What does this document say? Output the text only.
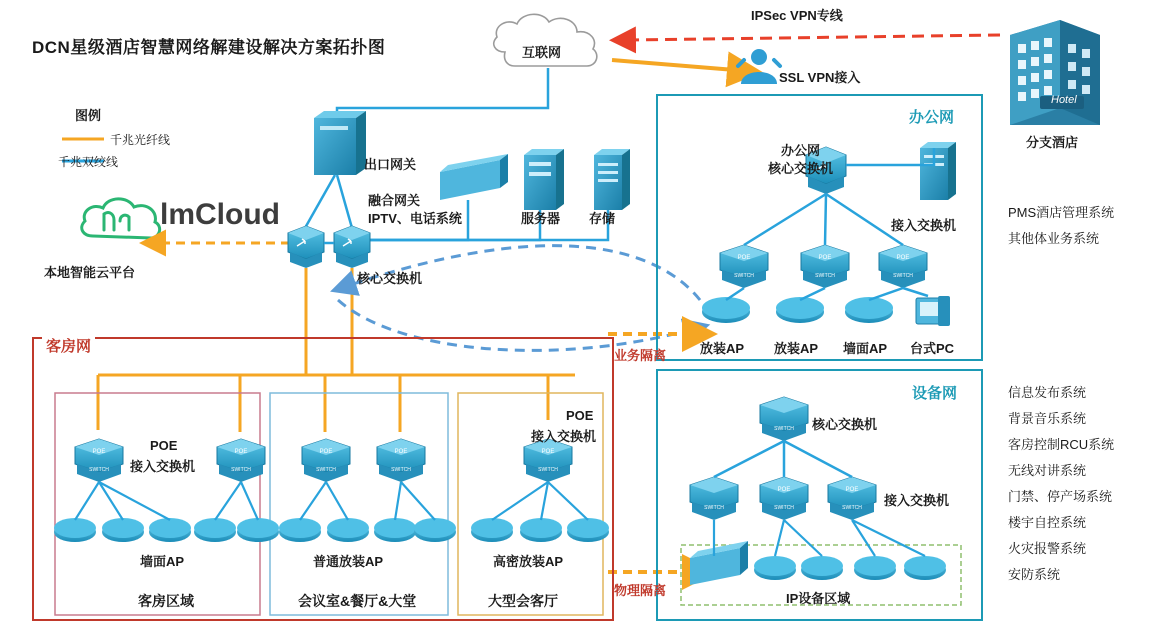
POE
SWITCH
POE
SWITCH
POE
SWITCH
POE
SWITCH
POE
SWITCH
POE
SWITCH
POE
SWITCH
POE
SWITCH
SWITCH
SWITCH
POE
SWITCH
POE
SWITCH
DCN星级酒店智慧网络解建设解决方案拓扑图
图例
千兆光纤线
千兆双绞线
互联网
IPSec VPN专线
SSL VPN接入
分支酒店
Hotel
lmCloud
本地智能云平台
出口网关
融合网关
IPTV、电话系统	服务器 存储
核心交换机
办公网
办公网
核心交换机
接入交换机
放装AP 放装AP 墙面AP 台式PC
业务隔离
物理隔离
客房网
POE
接入交换机
POE
接入交换机
墙面AP	普通放装AP	高密放装AP
客房区域	会议室&餐厅&大堂	大型会客厅
设备网
核心交换机
接入交换机
IP设备区域
PMS酒店管理系统
其他体业务系统
信息发布系统
背景音乐系统
客房控制RCU系统
无线对讲系统
门禁、停产场系统
楼宇自控系统
火灾报警系统
安防系统
